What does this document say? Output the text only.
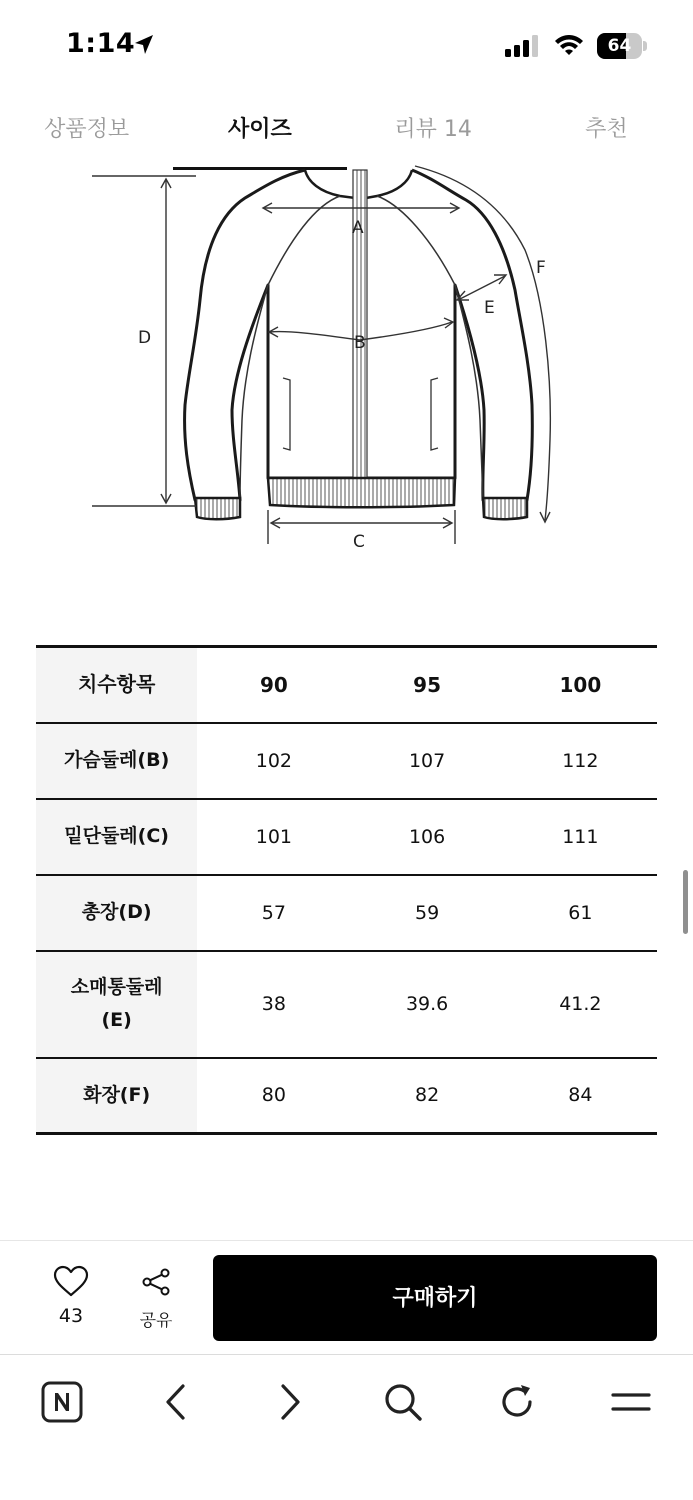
1:14	64
상품정보	사이즈	리뷰 14	추천
A
B
C
D
E
F
치수항목	90	95	100
가슴둘레(B)	102	107	112
밑단둘레(C)	101	106	111
총장(D)	57	59	61

소매통둘레
(E)	38	39.6	41.2
화장(F)	80	82	84
43	공유
구매하기
